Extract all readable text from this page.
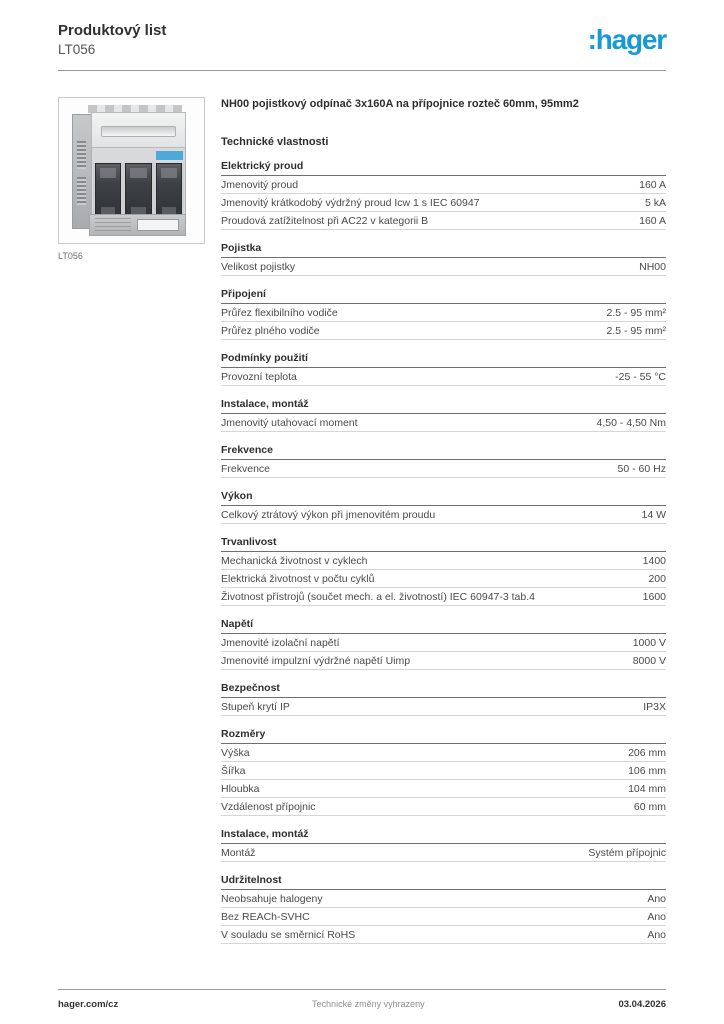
Produktový list
LT056	:hager
LT056
NH00 pojistkový odpínač 3x160A na přípojnice rozteč 60mm, 95mm2
Technické vlastnosti
Elektrický proud
Jmenovitý proud	160 A
Jmenovitý krátkodobý výdržný proud Icw 1 s IEC 60947	5 kA
Proudová zatížitelnost při AC22 v kategorii B	160 A
Pojistka
Velikost pojistky	NH00
Připojení
Průřez flexibilního vodiče	2.5 - 95 mm²
Průřez plného vodiče	2.5 - 95 mm²
Podmínky použití
Provozní teplota	-25 - 55 °C
Instalace, montáž
Jmenovitý utahovací moment	4,50 - 4,50 Nm
Frekvence
Frekvence	50 - 60 Hz
Výkon
Celkový ztrátový výkon při jmenovitém proudu	14 W
Trvanlivost
Mechanická životnost v cyklech	1400
Elektrická životnost v počtu cyklů	200
Životnost přístrojů (součet mech. a el. životností) IEC 60947-3 tab.4	1600
Napětí
Jmenovité izolační napětí	1000 V
Jmenovité impulzní výdržné napětí Uimp	8000 V
Bezpečnost
Stupeň krytí IP	IP3X
Rozměry
Výška	206 mm
Šířka	106 mm
Hloubka	104 mm
Vzdálenost přípojnic	60 mm
Instalace, montáž
Montáž	Systém přípojnic
Udržitelnost
Neobsahuje halogeny	Ano
Bez REACh-SVHC	Ano
V souladu se směrnicí RoHS	Ano
hager.com/cz	Technické změny vyhrazeny	03.04.2026
